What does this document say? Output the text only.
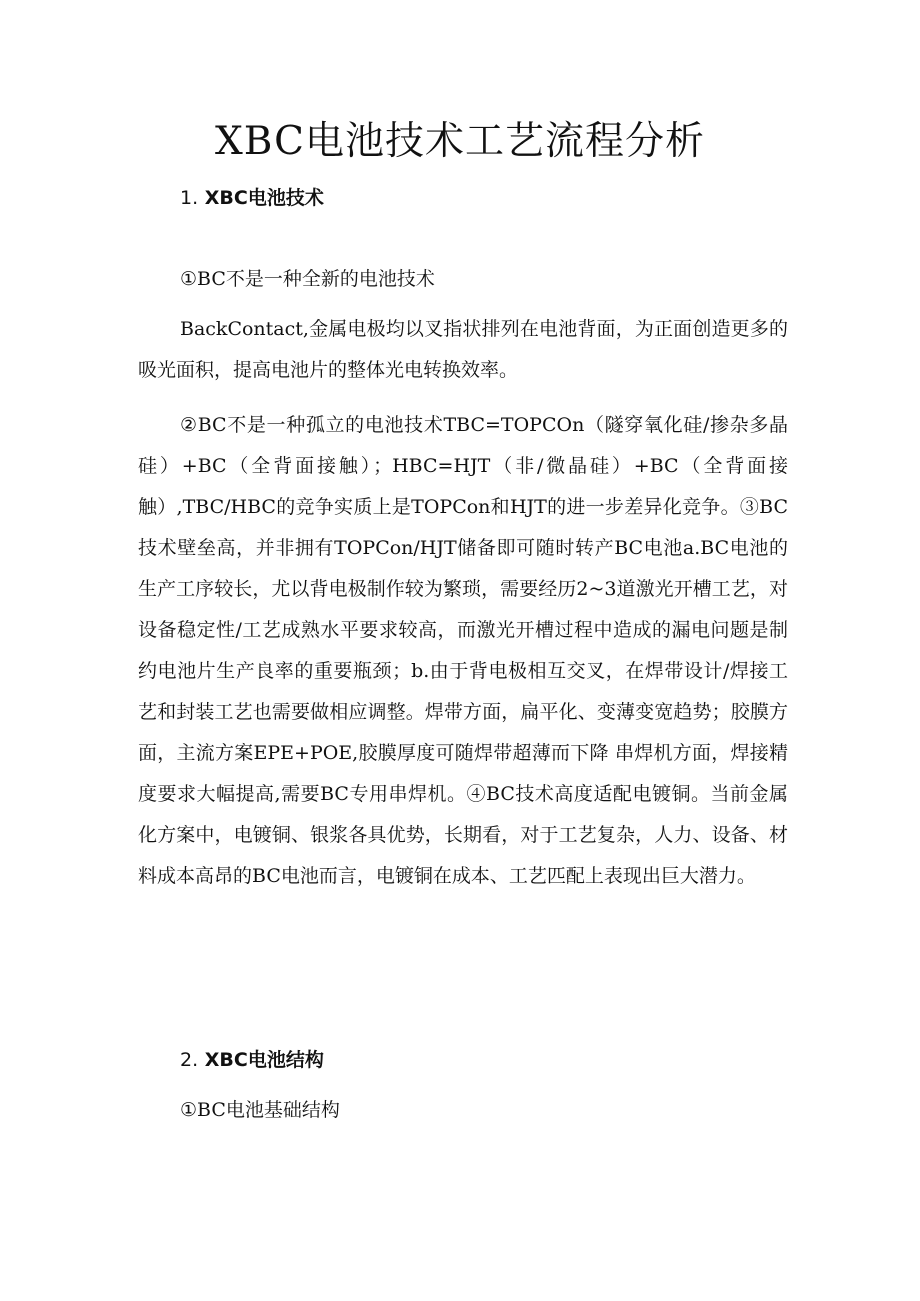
XBC电池技术工艺流程分析
1. XBC电池技术

①BC不是一种全新的电池技术

BackContact,金属电极均以叉指状排列在电池背面，为正面创造更多的吸光面积，提高电池片的整体光电转换效率。

②BC不是一种孤立的电池技术TBC=TOPCOn（隧穿氧化硅/掺杂多晶硅）+BC（全背面接触）；HBC=HJT（非/微晶硅）+BC（全背面接触）,TBC/HBC的竞争实质上是TOPCon和HJT的进一步差异化竞争。③BC技术壁垒高，并非拥有TOPCon/HJT储备即可随时转产BC电池a.BC电池的生产工序较长，尤以背电极制作较为繁琐，需要经历2~3道激光开槽工艺，对设备稳定性/工艺成熟水平要求较高，而激光开槽过程中造成的漏电问题是制约电池片生产良率的重要瓶颈；b.由于背电极相互交叉，在焊带设计/焊接工艺和封装工艺也需要做相应调整。焊带方面，扁平化、变薄变宽趋势；胶膜方面，主流方案EPE+POE,胶膜厚度可随焊带超薄而下降 串焊机方面，焊接精度要求大幅提高,需要BC专用串焊机。④BC技术高度适配电镀铜。当前金属化方案中，电镀铜、银浆各具优势，长期看，对于工艺复杂，人力、设备、材料成本高昂的BC电池而言，电镀铜在成本、工艺匹配上表现出巨大潜力。

2. XBC电池结构

①BC电池基础结构
